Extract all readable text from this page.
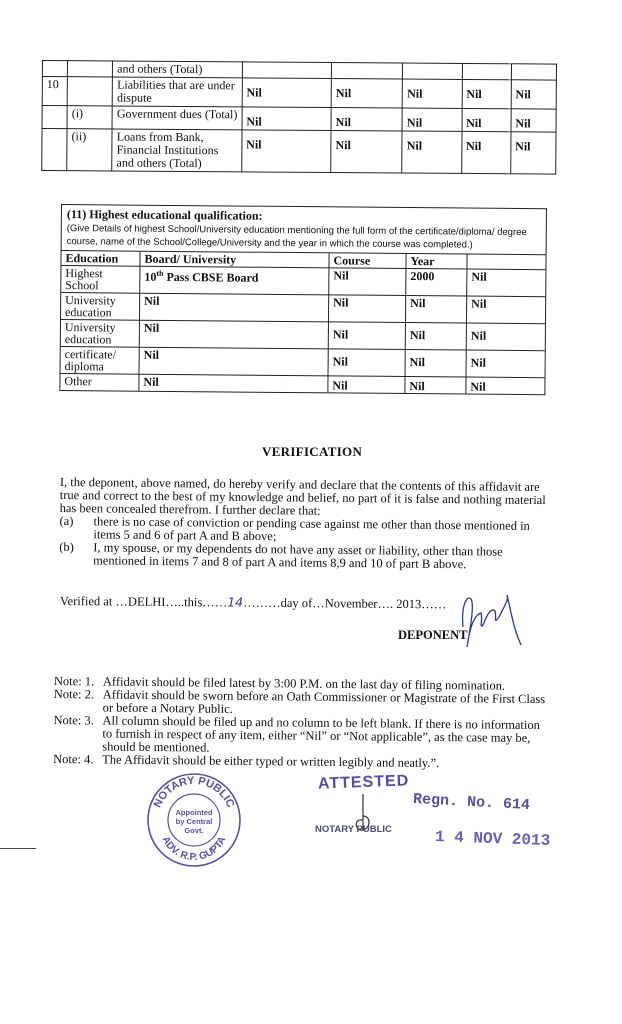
		and others (Total)					
10		Liabilities that are under dispute	Nil	Nil	Nil	Nil	Nil
	(i)	Government dues (Total)	Nil	Nil	Nil	Nil	Nil
	(ii)	Loans from Bank, Financial Institutions and others (Total)	Nil	Nil	Nil	Nil	Nil
(11) Highest educational qualification:
(Give Details of highest School/University education mentioning the full form of the certificate/diploma/ degree course, name of the School/College/University and the year in which the course was completed.)
Education	Board/ University	Course	Year	
Highest School	10th Pass CBSE Board	Nil	2000	Nil
University education	Nil	Nil	Nil	Nil
University education	Nil	Nil	Nil	Nil
certificate/ diploma	Nil	Nil	Nil	Nil
Other	Nil	Nil	Nil	Nil
VERIFICATION

I, the deponent, above named, do hereby verify and declare that the contents of this affidavit are true and correct to the best of my knowledge and belief, no part of it is false and nothing material has been concealed therefrom. I further declare that:

(a)	there is no case of conviction or pending case against me other than those mentioned in items 5 and 6 of part A and B above;
(b)	I, my spouse, or my dependents do not have any asset or liability, other than those mentioned in items 7 and 8 of part A and items 8,9 and 10 of part B above.
Verified at …DELHI…..this……14………day of…November…. 2013……
DEPONENT
Note: 1. Affidavit should be filed latest by 3:00 P.M. on the last day of filing nomination.
Note: 2. Affidavit should be sworn before an Oath Commissioner or Magistrate of the First Class or before a Notary Public.
Note: 3. All column should be filed up and no column to be left blank. If there is no information to furnish in respect of any item, either “Nil” or “Not applicable”, as the case may be, should be mentioned.
Note: 4. The Affidavit should be either typed or written legibly and neatly.”.
NOTARY PUBLIC
ADV. R.P. GUPTA
Appointed by Central Govt.
ATTESTED
NOTARY PUBLIC
Regn. No. 614
1 4 NOV 2013
